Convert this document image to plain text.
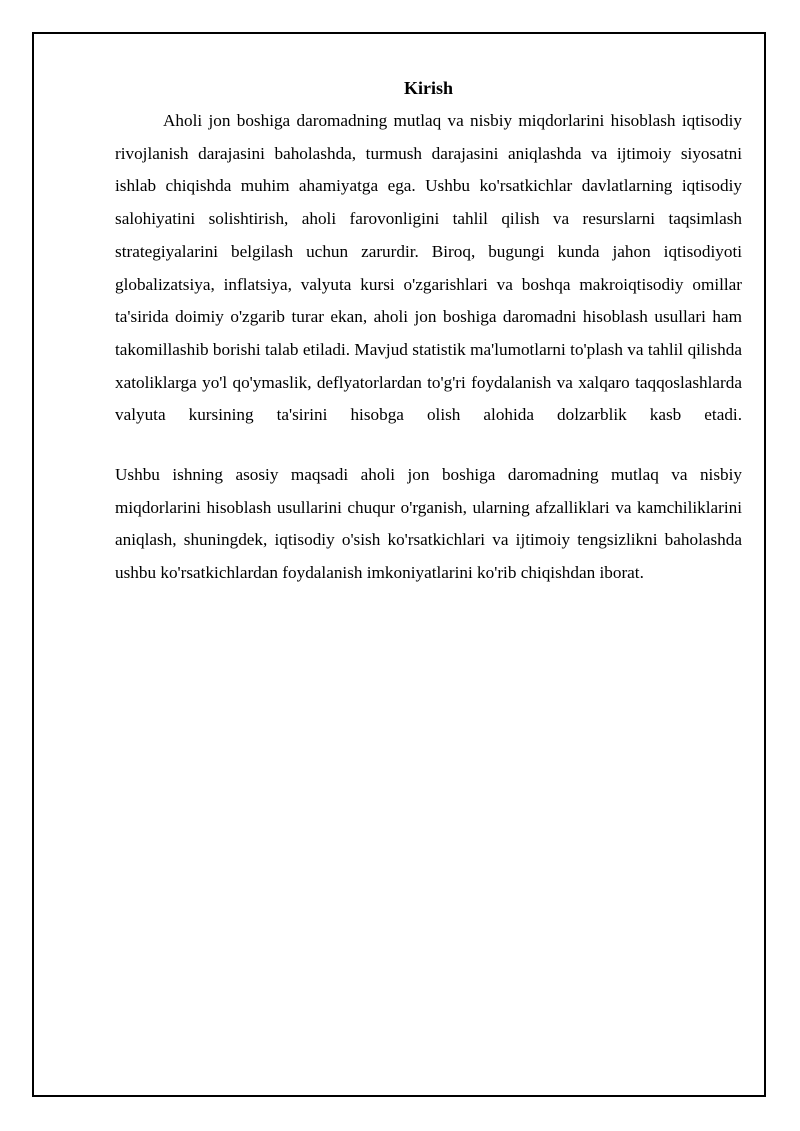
Kirish

Aholi jon boshiga daromadning mutlaq va nisbiy miqdorlarini hisoblash iqtisodiy rivojlanish darajasini baholashda, turmush darajasini aniqlashda va ijtimoiy siyosatni ishlab chiqishda muhim ahamiyatga ega. Ushbu ko'rsatkichlar davlatlarning iqtisodiy salohiyatini solishtirish, aholi farovonligini tahlil qilish va resurslarni taqsimlash strategiyalarini belgilash uchun zarurdir. Biroq, bugungi kunda jahon iqtisodiyoti globalizatsiya, inflatsiya, valyuta kursi o'zgarishlari va boshqa makroiqtisodiy omillar ta'sirida doimiy o'zgarib turar ekan, aholi jon boshiga daromadni hisoblash usullari ham takomillashib borishi talab etiladi. Mavjud statistik ma'lumotlarni to'plash va tahlil qilishda xatoliklarga yo'l qo'ymaslik, deflyatorlardan to'g'ri foydalanish va xalqaro taqqoslashlarda valyuta kursining ta'sirini hisobga olish alohida dolzarblik kasb etadi.

Ushbu ishning asosiy maqsadi aholi jon boshiga daromadning mutlaq va nisbiy miqdorlarini hisoblash usullarini chuqur o'rganish, ularning afzalliklari va kamchiliklarini aniqlash, shuningdek, iqtisodiy o'sish ko'rsatkichlari va ijtimoiy tengsizlikni baholashda ushbu ko'rsatkichlardan foydalanish imkoniyatlarini ko'rib chiqishdan iborat.
